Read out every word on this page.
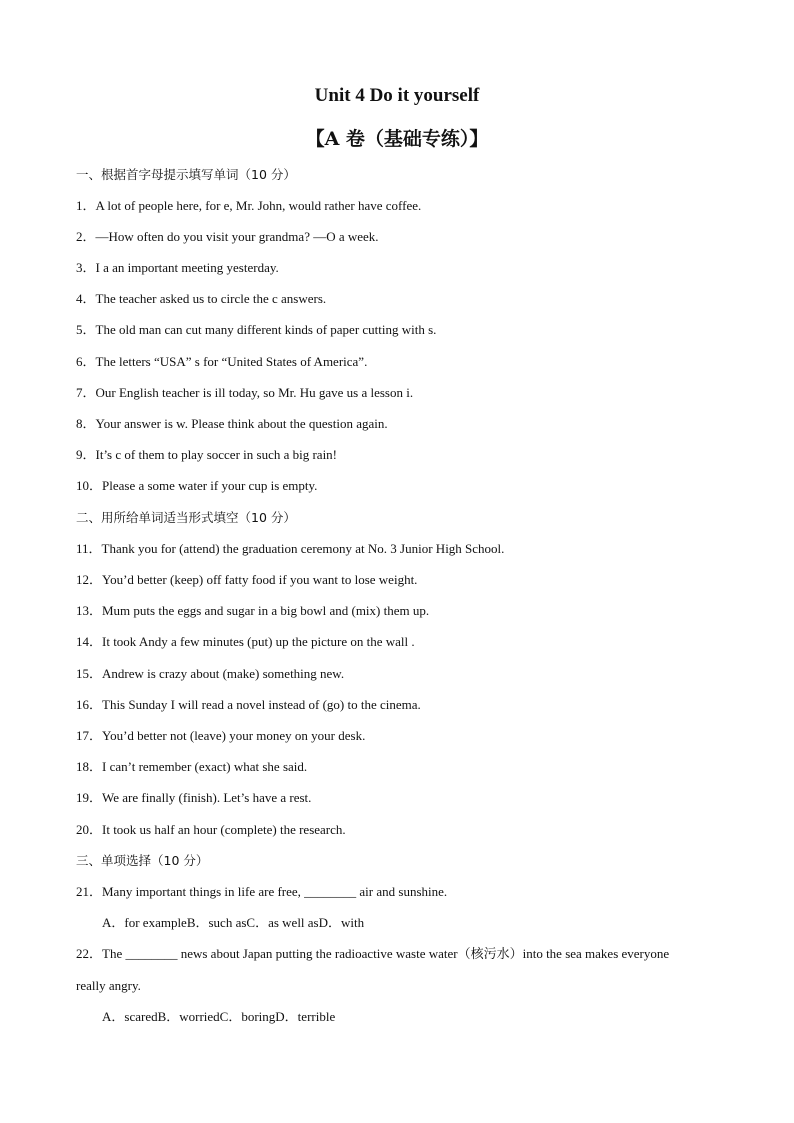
Unit 4 Do it yourself
【A 卷（基础专练）】
一、根据首字母提示填写单词（10 分）
1．A lot of people here, for e, Mr. John, would rather have coffee.
2．—How often do you visit your grandma? —O a week.
3．I a an important meeting yesterday.
4．The teacher asked us to circle the c answers.
5．The old man can cut many different kinds of paper cutting with s.
6．The letters “USA” s for “United States of America”.
7．Our English teacher is ill today, so Mr. Hu gave us a lesson i.
8．Your answer is w. Please think about the question again.
9．It’s c of them to play soccer in such a big rain!
10．Please a some water if your cup is empty.
二、用所给单词适当形式填空（10 分）
11．Thank you for (attend) the graduation ceremony at No. 3 Junior High School.
12．You’d better (keep) off fatty food if you want to lose weight.
13．Mum puts the eggs and sugar in a big bowl and (mix) them up.
14．It took Andy a few minutes (put) up the picture on the wall .
15．Andrew is crazy about (make) something new.
16．This Sunday I will read a novel instead of (go) to the cinema.
17．You’d better not (leave) your money on your desk.
18．I can’t remember (exact) what she said.
19．We are finally (finish). Let’s have a rest.
20．It took us half an hour (complete) the research.
三、单项选择（10 分）
21．Many important things in life are free, ________ air and sunshine.
A．for exampleB．such asC．as well asD．with
22．The ________ news about Japan putting the radioactive waste water（核污水）into the sea makes everyone
really angry.
A．scaredB．worriedC．boringD．terrible
